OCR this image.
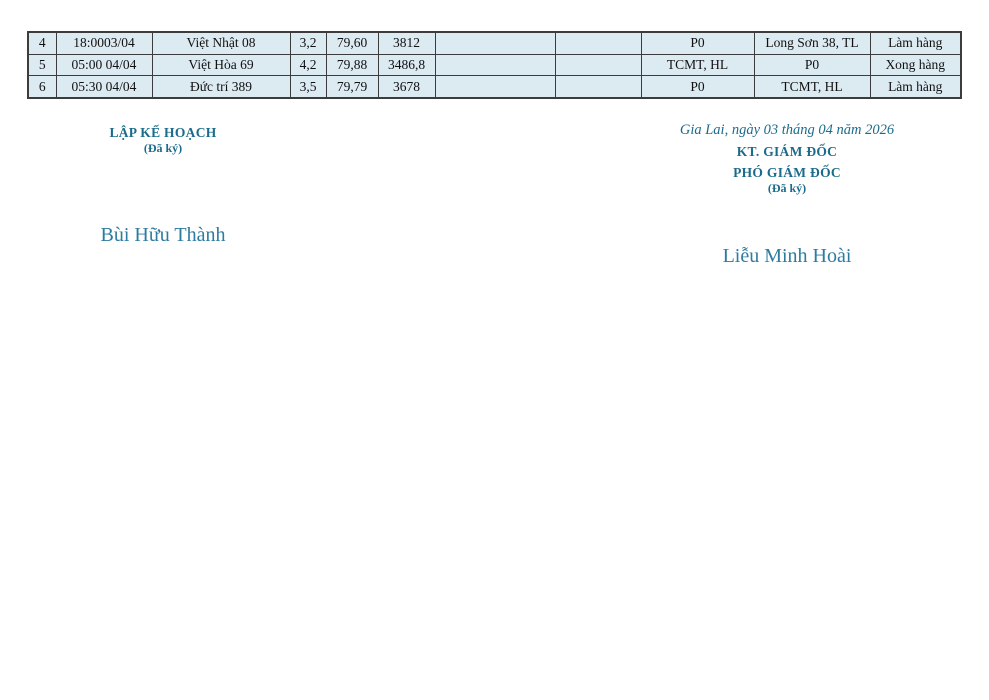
4	18:0003/04	Việt Nhật 08	3,2	79,60	3812			P0	Long Sơn 38, TL	Làm hàng
5	05:00 04/04	Việt Hòa 69	4,2	79,88	3486,8			TCMT, HL	P0	Xong hàng
6	05:30 04/04	Đức trí 389	3,5	79,79	3678			P0	TCMT, HL	Làm hàng
LẬP KẾ HOẠCH
(Đã ký)
Bùi Hữu Thành
Gia Lai, ngày 03 tháng 04 năm 2026
KT. GIÁM ĐỐC
PHÓ GIÁM ĐỐC
(Đã ký)
Liễu Minh Hoài
